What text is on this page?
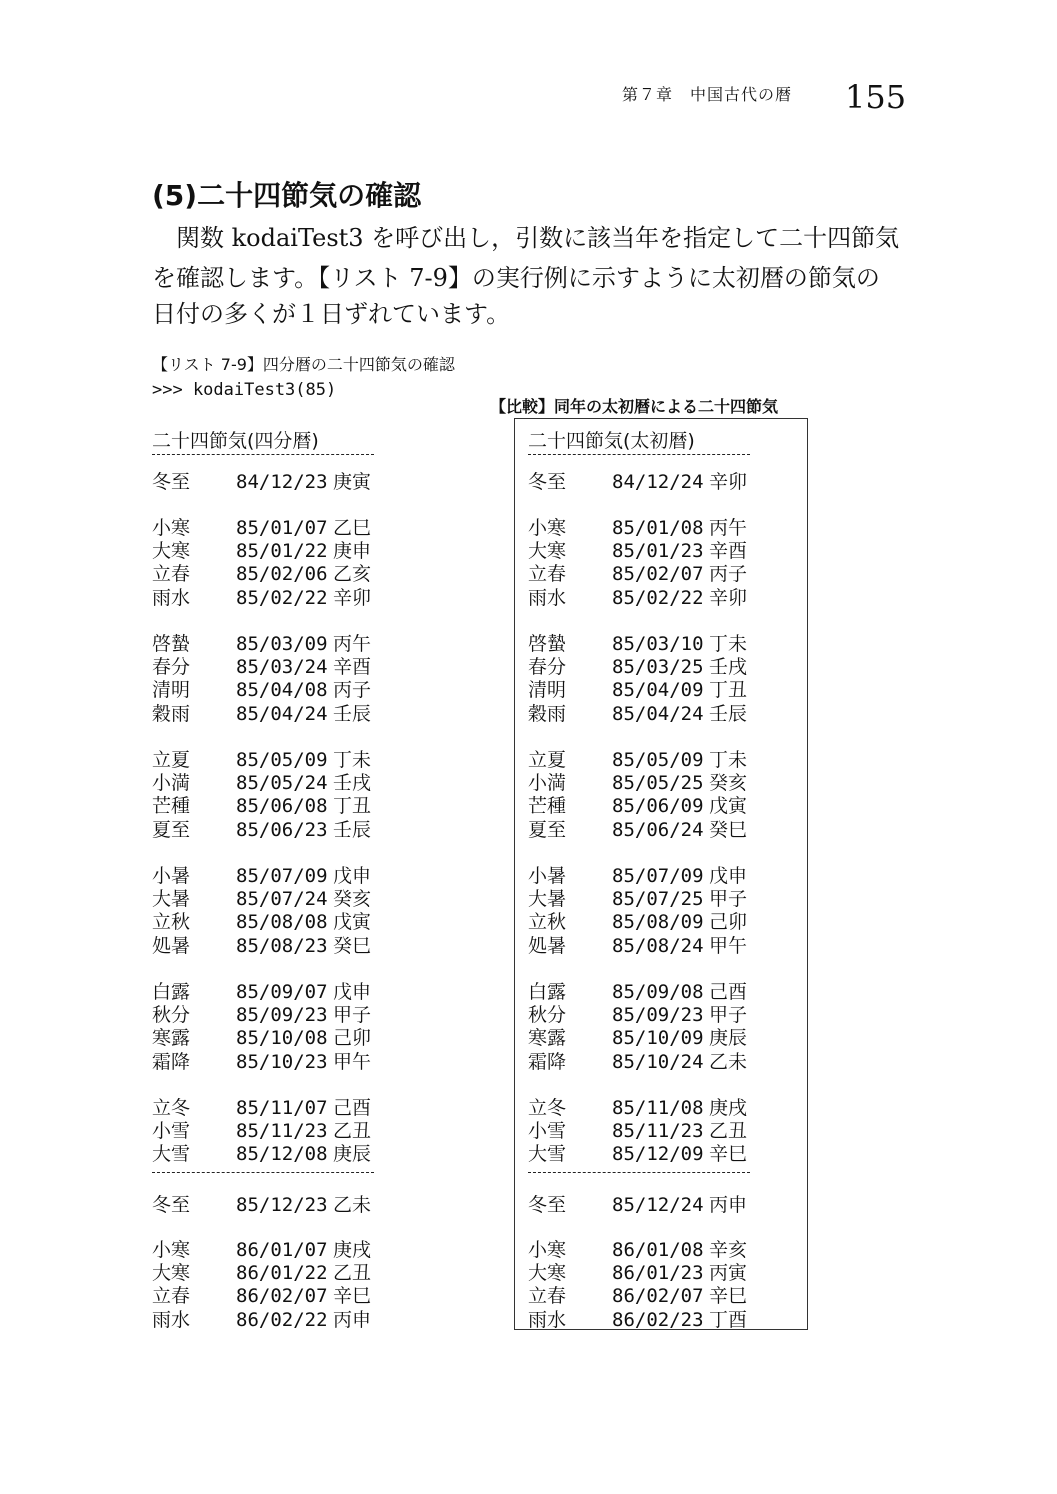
第７章　中国古代の暦 155
(5)二十四節気の確認
関数 kodaiTest3 を呼び出し，引数に該当年を指定して二十四節気
を確認します。【リスト 7-9】の実行例に示すように太初暦の節気の
日付の多くが１日ずれています。
【リスト 7-9】四分暦の二十四節気の確認
>>> kodaiTest3(85)
【比較】同年の太初暦による二十四節気
二十四節気(四分暦)
冬至	84/12/23 庚寅
小寒	85/01/07 乙巳
大寒	85/01/22 庚申
立春	85/02/06 乙亥
雨水	85/02/22 辛卯
啓蟄	85/03/09 丙午
春分	85/03/24 辛酉
清明	85/04/08 丙子
穀雨	85/04/24 壬辰
立夏	85/05/09 丁未
小満	85/05/24 壬戌
芒種	85/06/08 丁丑
夏至	85/06/23 壬辰
小暑	85/07/09 戊申
大暑	85/07/24 癸亥
立秋	85/08/08 戊寅
処暑	85/08/23 癸巳
白露	85/09/07 戊申
秋分	85/09/23 甲子
寒露	85/10/08 己卯
霜降	85/10/23 甲午
立冬	85/11/07 己酉
小雪	85/11/23 乙丑
大雪	85/12/08 庚辰
冬至	85/12/23 乙未
小寒	86/01/07 庚戌
大寒	86/01/22 乙丑
立春	86/02/07 辛巳
雨水	86/02/22 丙申
二十四節気(太初暦)
冬至	84/12/24 辛卯
小寒	85/01/08 丙午
大寒	85/01/23 辛酉
立春	85/02/07 丙子
雨水	85/02/22 辛卯
啓蟄	85/03/10 丁未
春分	85/03/25 壬戌
清明	85/04/09 丁丑
穀雨	85/04/24 壬辰
立夏	85/05/09 丁未
小満	85/05/25 癸亥
芒種	85/06/09 戊寅
夏至	85/06/24 癸巳
小暑	85/07/09 戊申
大暑	85/07/25 甲子
立秋	85/08/09 己卯
処暑	85/08/24 甲午
白露	85/09/08 己酉
秋分	85/09/23 甲子
寒露	85/10/09 庚辰
霜降	85/10/24 乙未
立冬	85/11/08 庚戌
小雪	85/11/23 乙丑
大雪	85/12/09 辛巳
冬至	85/12/24 丙申
小寒	86/01/08 辛亥
大寒	86/01/23 丙寅
立春	86/02/07 辛巳
雨水	86/02/23 丁酉
